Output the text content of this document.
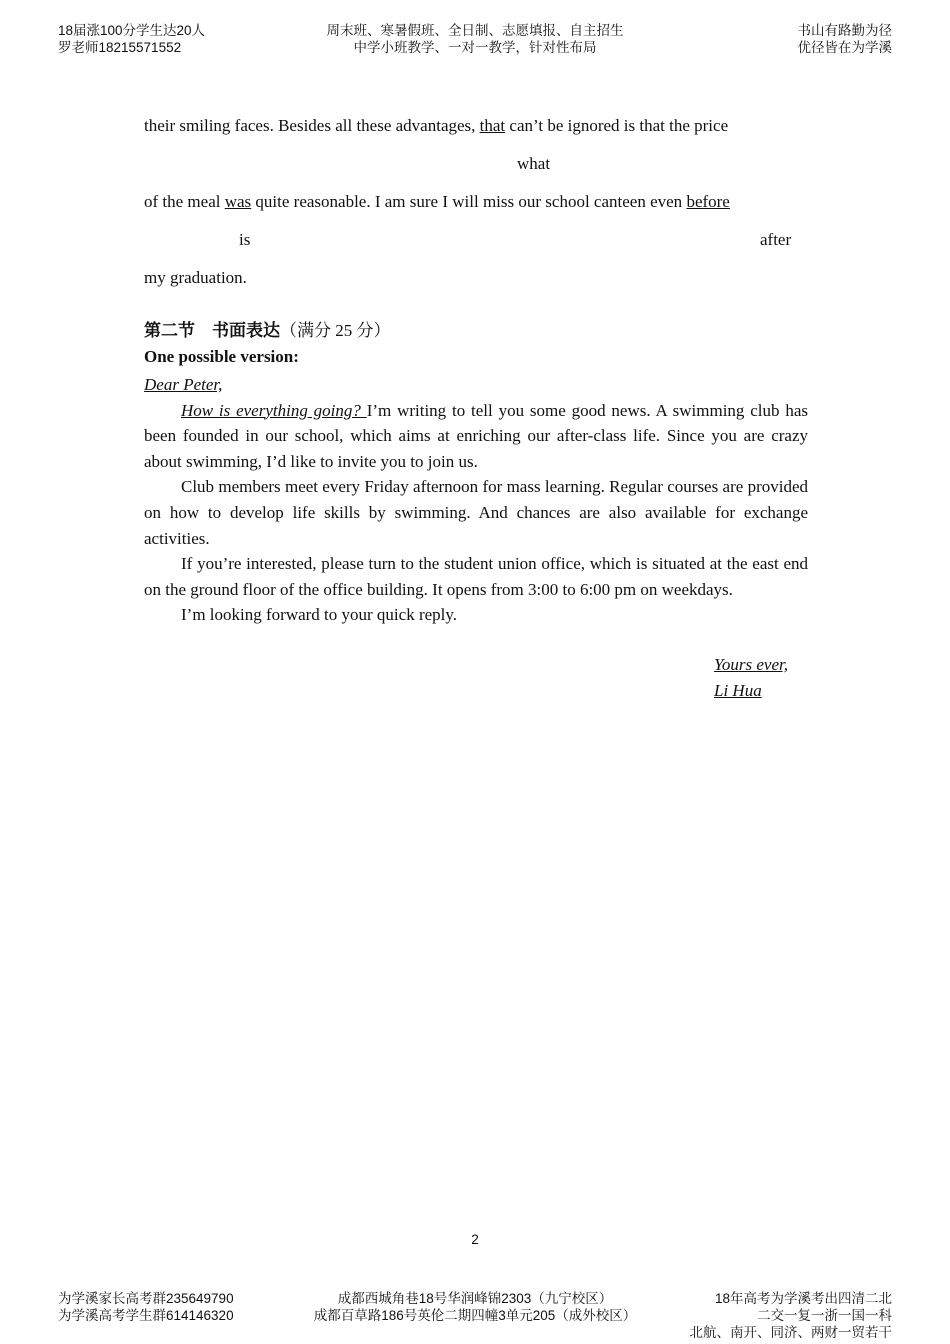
18届涨100分学生达20人
罗老师18215571552
周末班、寒暑假班、全日制、志愿填报、自主招生
中学小班教学、一对一教学，针对性布局
书山有路勤为径
优径皆在为学溪
their smiling faces. Besides all these advantages, that can’t be ignored is that the price
what
of the meal was quite reasonable. I am sure I will miss our school canteen even before
is	after
my graduation.
第二节　书面表达（满分 25 分）
One possible version:

Dear Peter,

How is everything going? I’m writing to tell you some good news. A swimming club has been founded in our school, which aims at enriching our after-class life. Since you are crazy about swimming, I’d like to invite you to join us.

Club members meet every Friday afternoon for mass learning. Regular courses are provided on how to develop life skills by swimming. And chances are also available for exchange activities.

If you’re interested, please turn to the student union office, which is situated at the east end on the ground floor of the office building. It opens from 3:00 to 6:00 pm on weekdays.

I’m looking forward to your quick reply.

Yours ever,
Li Hua
2
为学溪家长高考群235649790
为学溪高考学生群614146320
成都西城角巷18号华润峰锦2303（九宁校区）
成都百草路186号英伦二期四幢3单元205（成外校区）
18年高考为学溪考出四清二北
二交一复一浙一国一科
北航、南开、同济、两财一贸若干
